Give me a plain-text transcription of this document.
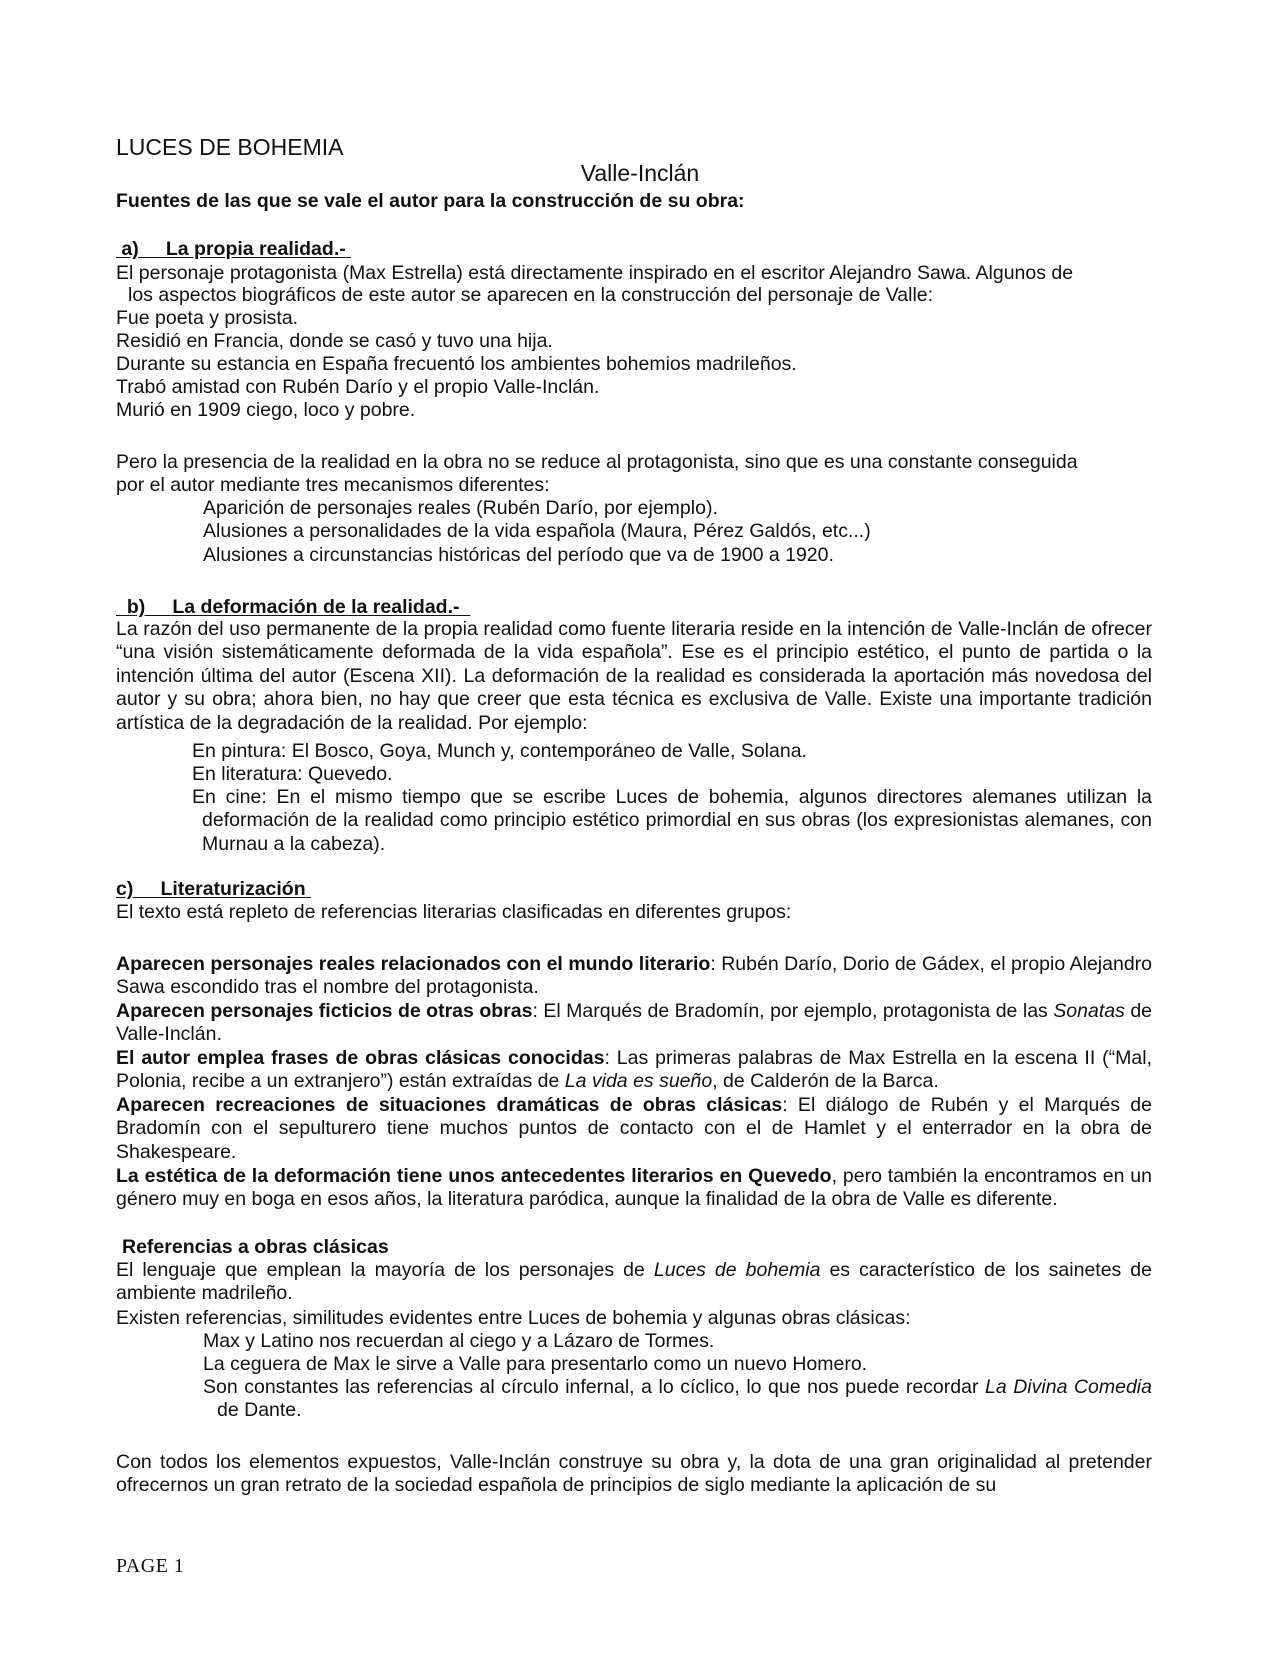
LUCES DE BOHEMIA
Valle-Inclán
Fuentes de las que se vale el autor para la construcción de su obra:
a) La propia realidad.-
El personaje protagonista (Max Estrella) está directamente inspirado en el escritor Alejandro Sawa. Algunos de
los aspectos biográficos de este autor se aparecen en la construcción del personaje de Valle:
Fue poeta y prosista.
Residió en Francia, donde se casó y tuvo una hija.
Durante su estancia en España frecuentó los ambientes bohemios madrileños.
Trabó amistad con Rubén Darío y el propio Valle-Inclán.
Murió en 1909 ciego, loco y pobre.
Pero la presencia de la realidad en la obra no se reduce al protagonista, sino que es una constante conseguida
por el autor mediante tres mecanismos diferentes:
Aparición de personajes reales (Rubén Darío, por ejemplo).
Alusiones a personalidades de la vida española (Maura, Pérez Galdós, etc...)
Alusiones a circunstancias históricas del período que va de 1900 a 1920.
b) La deformación de la realidad.-
La razón del uso permanente de la propia realidad como fuente literaria reside en la intención de Valle-Inclán de ofrecer “una visión sistemáticamente deformada de la vida española”. Ese es el principio estético, el punto de partida o la intención última del autor (Escena XII). La deformación de la realidad es considerada la aportación más novedosa del autor y su obra; ahora bien, no hay que creer que esta técnica es exclusiva de Valle. Existe una importante tradición artística de la degradación de la realidad. Por ejemplo:
En pintura: El Bosco, Goya, Munch y, contemporáneo de Valle, Solana.
En literatura: Quevedo.
En cine: En el mismo tiempo que se escribe Luces de bohemia, algunos directores alemanes utilizan la deformación de la realidad como principio estético primordial en sus obras (los expresionistas alemanes, con Murnau a la cabeza).
c) Literaturización
El texto está repleto de referencias literarias clasificadas en diferentes grupos:
Aparecen personajes reales relacionados con el mundo literario: Rubén Darío, Dorio de Gádex, el propio Alejandro Sawa escondido tras el nombre del protagonista.
Aparecen personajes ficticios de otras obras: El Marqués de Bradomín, por ejemplo, protagonista de las Sonatas de Valle-Inclán.
El autor emplea frases de obras clásicas conocidas: Las primeras palabras de Max Estrella en la escena II (“Mal, Polonia, recibe a un extranjero”) están extraídas de La vida es sueño, de Calderón de la Barca.
Aparecen recreaciones de situaciones dramáticas de obras clásicas: El diálogo de Rubén y el Marqués de Bradomín con el sepulturero tiene muchos puntos de contacto con el de Hamlet y el enterrador en la obra de Shakespeare.
La estética de la deformación tiene unos antecedentes literarios en Quevedo, pero también la encontramos en un género muy en boga en esos años, la literatura paródica, aunque la finalidad de la obra de Valle es diferente.
Referencias a obras clásicas
El lenguaje que emplean la mayoría de los personajes de Luces de bohemia es característico de los sainetes de ambiente madrileño.
Existen referencias, similitudes evidentes entre Luces de bohemia y algunas obras clásicas:
Max y Latino nos recuerdan al ciego y a Lázaro de Tormes.
La ceguera de Max le sirve a Valle para presentarlo como un nuevo Homero.
Son constantes las referencias al círculo infernal, a lo cíclico, lo que nos puede recordar La Divina Comedia de Dante.
Con todos los elementos expuestos, Valle-Inclán construye su obra y, la dota de una gran originalidad al pretender ofrecernos un gran retrato de la sociedad española de principios de siglo mediante la aplicación de su
PAGE 1
